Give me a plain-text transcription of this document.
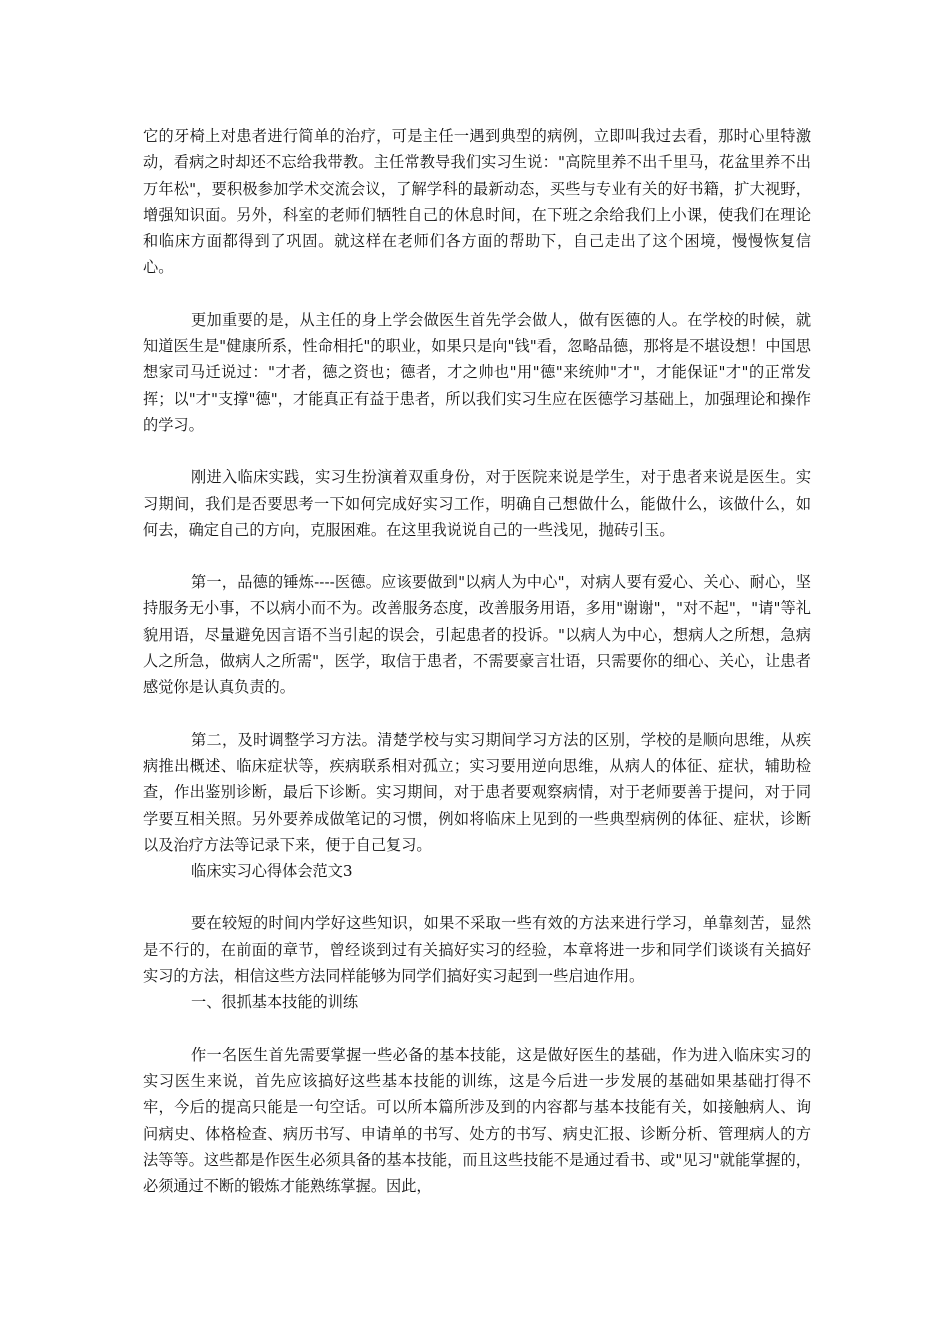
它的牙椅上对患者进行简单的治疗，可是主任一遇到典型的病例，立即叫我过去看，那时心里特激动，看病之时却还不忘给我带教。主任常教导我们实习生说："高院里养不出千里马，花盆里养不出万年松"，要积极参加学术交流会议，了解学科的最新动态，买些与专业有关的好书籍，扩大视野，增强知识面。另外，科室的老师们牺牲自己的休息时间，在下班之余给我们上小课，使我们在理论和临床方面都得到了巩固。就这样在老师们各方面的帮助下，自己走出了这个困境，慢慢恢复信心。

更加重要的是，从主任的身上学会做医生首先学会做人，做有医德的人。在学校的时候，就知道医生是"健康所系，性命相托"的职业，如果只是向"钱"看，忽略品德，那将是不堪设想！中国思想家司马迁说过："才者，德之资也；德者，才之帅也"用"德"来统帅"才"，才能保证"才"的正常发挥；以"才"支撑"德"，才能真正有益于患者，所以我们实习生应在医德学习基础上，加强理论和操作的学习。

刚进入临床实践，实习生扮演着双重身份，对于医院来说是学生，对于患者来说是医生。实习期间，我们是否要思考一下如何完成好实习工作，明确自己想做什么，能做什么，该做什么，如何去，确定自己的方向，克服困难。在这里我说说自己的一些浅见，抛砖引玉。

第一，品德的锤炼----医德。应该要做到"以病人为中心"，对病人要有爱心、关心、耐心，坚持服务无小事，不以病小而不为。改善服务态度，改善服务用语，多用"谢谢"，"对不起"，"请"等礼貌用语，尽量避免因言语不当引起的误会，引起患者的投诉。"以病人为中心，想病人之所想，急病人之所急，做病人之所需"，医学，取信于患者，不需要豪言壮语，只需要你的细心、关心，让患者感觉你是认真负责的。

第二，及时调整学习方法。清楚学校与实习期间学习方法的区别，学校的是顺向思维，从疾病推出概述、临床症状等，疾病联系相对孤立；实习要用逆向思维，从病人的体征、症状，辅助检查，作出鉴别诊断，最后下诊断。实习期间，对于患者要观察病情，对于老师要善于提问，对于同学要互相关照。另外要养成做笔记的习惯，例如将临床上见到的一些典型病例的体征、症状，诊断以及治疗方法等记录下来，便于自己复习。

临床实习心得体会范文3

要在较短的时间内学好这些知识，如果不采取一些有效的方法来进行学习，单靠刻苦，显然是不行的，在前面的章节，曾经谈到过有关搞好实习的经验，本章将进一步和同学们谈谈有关搞好实习的方法，相信这些方法同样能够为同学们搞好实习起到一些启迪作用。

一、很抓基本技能的训练

作一名医生首先需要掌握一些必备的基本技能，这是做好医生的基础，作为进入临床实习的实习医生来说，首先应该搞好这些基本技能的训练，这是今后进一步发展的基础如果基础打得不牢，今后的提高只能是一句空话。可以所本篇所涉及到的内容都与基本技能有关，如接触病人、询问病史、体格检查、病历书写、申请单的书写、处方的书写、病史汇报、诊断分析、管理病人的方法等等。这些都是作医生必须具备的基本技能，而且这些技能不是通过看书、或"见习"就能掌握的，必须通过不断的锻炼才能熟练掌握。因此，
